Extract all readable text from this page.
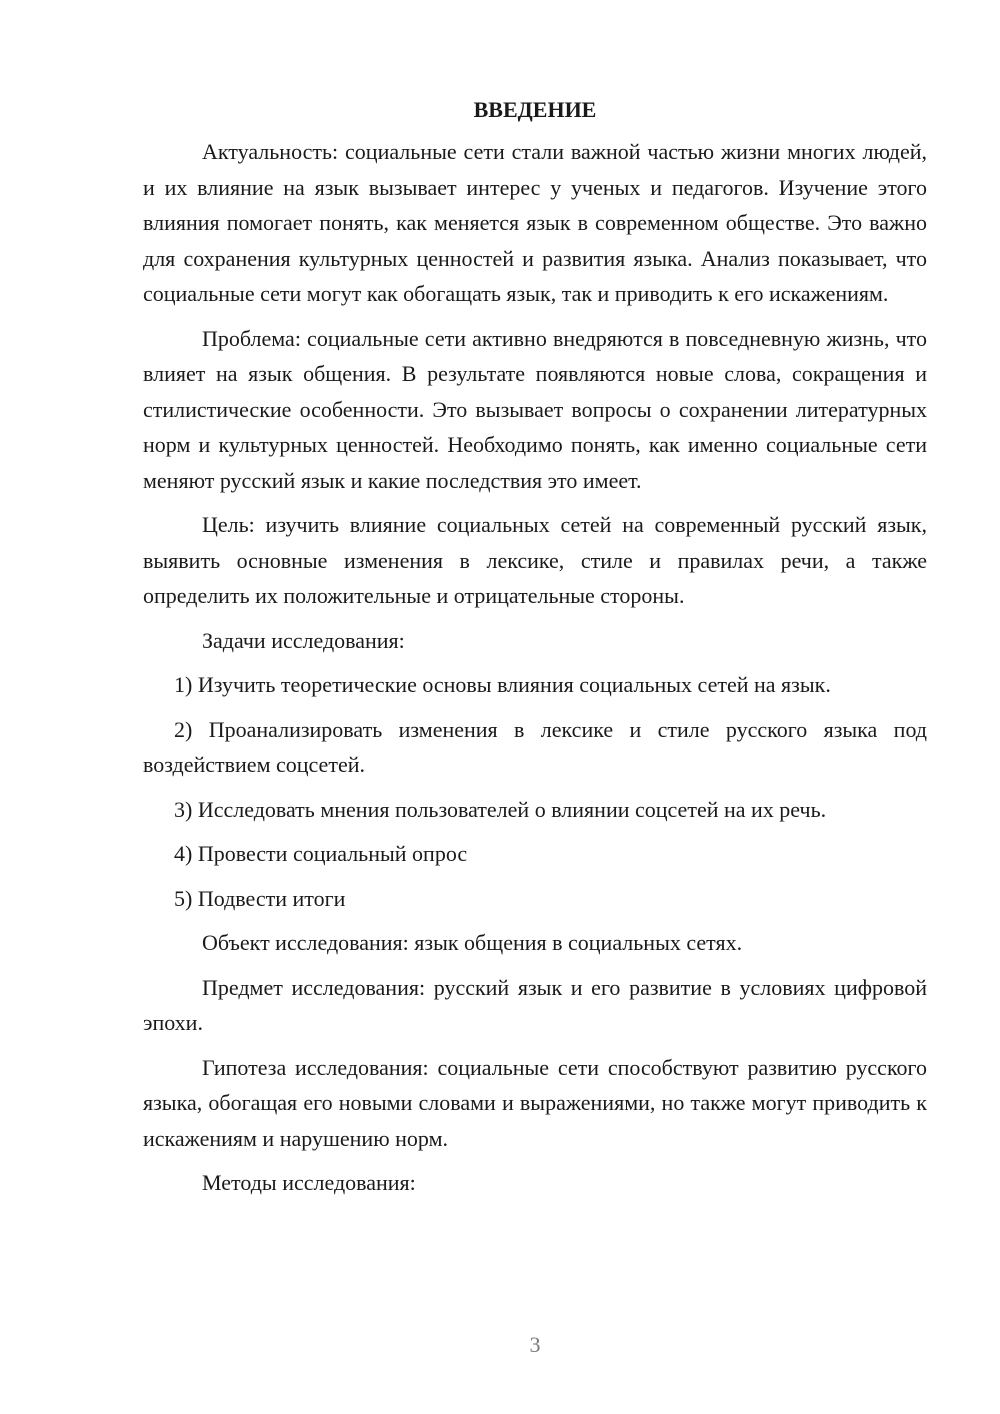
ВВЕДЕНИЕ

Актуальность: социальные сети стали важной частью жизни многих людей, и их влияние на язык вызывает интерес у ученых и педагогов. Изучение этого влияния помогает понять, как меняется язык в современном обществе. Это важно для сохранения культурных ценностей и развития языка. Анализ показывает, что социальные сети могут как обогащать язык, так и приводить к его искажениям.

Проблема: социальные сети активно внедряются в повседневную жизнь, что влияет на язык общения. В результате появляются новые слова, сокращения и стилистические особенности. Это вызывает вопросы о сохранении литературных норм и культурных ценностей. Необходимо понять, как именно социальные сети меняют русский язык и какие последствия это имеет.

Цель: изучить влияние социальных сетей на современный русский язык, выявить основные изменения в лексике, стиле и правилах речи, а также определить их положительные и отрицательные стороны.

Задачи исследования:

1) Изучить теоретические основы влияния социальных сетей на язык.

2) Проанализировать изменения в лексике и стиле русского языка под воздействием соцсетей.

3) Исследовать мнения пользователей о влиянии соцсетей на их речь.

4) Провести социальный опрос

5) Подвести итоги

Объект исследования: язык общения в социальных сетях.

Предмет исследования: русский язык и его развитие в условиях цифровой эпохи.

Гипотеза исследования: социальные сети способствуют развитию русского языка, обогащая его новыми словами и выражениями, но также могут приводить к искажениям и нарушению норм.

Методы исследования:

3
